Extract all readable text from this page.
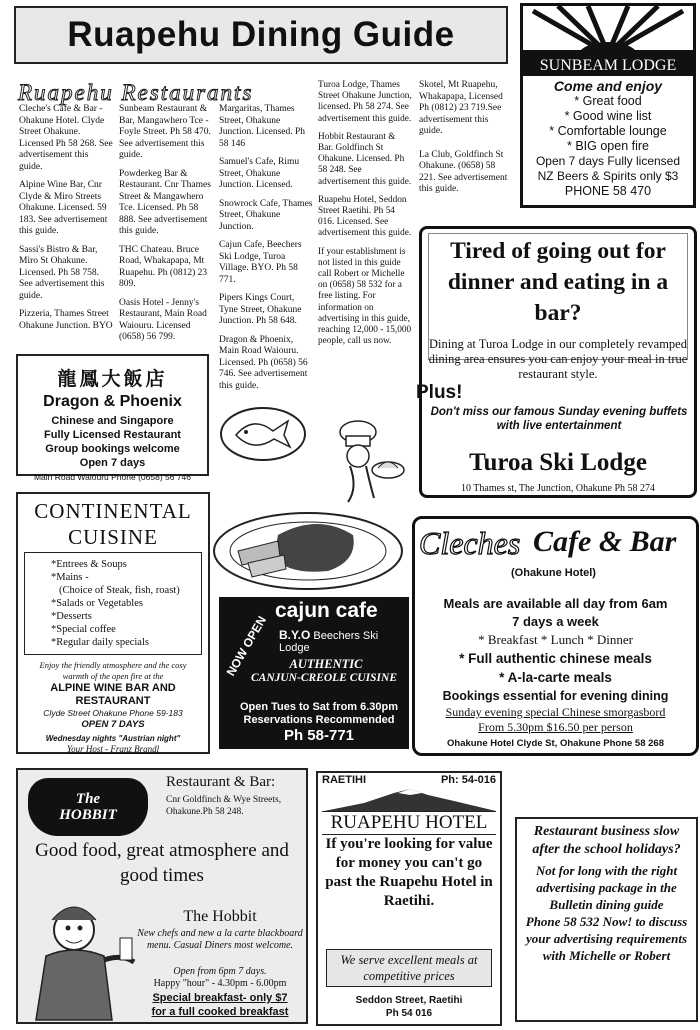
Ruapehu Dining Guide
SUNBEAM LODGE
Come and enjoy
* Great food
* Good wine list
* Comfortable lounge
* BIG open fire
Open 7 days Fully licensed
NZ Beers & Spirits only $3
PHONE 58 470
Ruapehu Restaurants

Cleche's Cafe & Bar - Ohakune Hotel. Clyde Street Ohakune. Licensed Ph 58 268. See advertisement this guide.

Alpine Wine Bar, Cnr Clyde & Miro Streets Ohakune. Licensed. 59 183. See advertisement this guide.

Sassi's Bistro & Bar, Miro St Ohakune. Licensed. Ph 58 758. See advertisement this guide.

Pizzeria, Thames Street Ohakune Junction. BYO

Sunbeam Restaurant & Bar, Mangawhero Tce - Foyle Street. Ph 58 470. See advertisement this guide.

Powderkeg Bar & Restaurant. Cnr Thames Street & Mangawhero Tce. Licensed. Ph 58 888. See advertisement this guide.

THC Chateau. Bruce Road, Whakapapa, Mt Ruapehu. Ph (0812) 23 809.

Oasis Hotel - Jenny's Restaurant, Main Road Waiouru. Licensed (0658) 56 799.

Margaritas, Thames Street, Ohakune Junction. Licensed. Ph 58 146

Samuel's Cafe, Rimu Street, Ohakune Junction. Licensed.

Snowrock Cafe, Thames Street, Ohakune Junction.

Cajun Cafe, Beechers Ski Lodge, Turoa Village. BYO. Ph 58 771.

Pipers Kings Court, Tyne Street, Ohakune Junction. Ph 58 648.

Dragon & Phoenix, Main Road Waiouru. Licensed. Ph (0658) 56 746. See advertisement this guide.

Turoa Lodge, Thames Street Ohakune Junction, licensed. Ph 58 274. See advertisement this guide.

Hobbit Restaurant & Bar. Goldfinch St Ohakune. Licensed. Ph 58 248. See advertisement this guide.

Ruapehu Hotel, Seddon Street Raetihi. Ph 54 016. Licensed. See advertisement this guide.

If your establishment is not listed in this guide call Robert or Michelle on (0658) 58 532 for a free listing. For information on advertising in this guide, reaching 12,000 - 15,000 people, call us now.

Skotel, Mt Ruapehu, Whakapapa, Licensed Ph (0812) 23 719.See advertisement this guide.

La Club, Goldfinch St Ohakune. (0658) 58 221. See advertisement this guide.

龍鳳大飯店
Dragon & Phoenix
Chinese and Singapore
Fully Licensed Restaurant
Group bookings welcome
Open 7 days
Main Road Waiouru Phone (0658) 56 746
Tired of going out for dinner and eating in a bar?
Dining at Turoa Lodge in our completely revamped dining area ensures you can enjoy your meal in true restaurant style.
Plus!
Don't miss our famous Sunday evening buffets with live entertainment
Turoa Ski Lodge
10 Thames st, The Junction, Ohakune Ph 58 274
CONTINENTAL
CUISINE
*Entrees & Soups
*Mains -
(Choice of Steak, fish, roast)
*Salads or Vegetables
*Desserts
*Special coffee
*Regular daily specials
Enjoy the friendly atmosphere and the cosy warmth of the open fire at the
ALPINE WINE BAR AND
RESTAURANT
Clyde Street Ohakune Phone 59-183
OPEN 7 DAYS
Wednesday nights "Austrian night"
Your Host - Franz Brandl
NOW OPEN
cajun cafe
B.Y.O Beechers Ski Lodge
AUTHENTIC
CANJUN-CREOLE CUISINE
Open Tues to Sat from 6.30pm
Reservations Recommended
Ph 58-771
Cleches Cafe & Bar
(Ohakune Hotel)
Meals are available all day from 6am
7 days a week
* Breakfast * Lunch * Dinner
* Full authentic chinese meals
* A-la-carte meals
Bookings essential for evening dining
Sunday evening special Chinese smorgasbord
From 5.30pm $16.50 per person
Ohakune Hotel Clyde St, Ohakune Phone 58 268
The HOBBIT
Restaurant & Bar:
Cnr Goldfinch & Wye Streets, Ohakune.Ph 58 248.
Good food, great atmosphere and good times
The Hobbit
New chefs and new a la carte blackboard menu. Casual Diners most welcome.
Open from 6pm 7 days.
Happy "hour" - 4.30pm - 6.00pm
Special breakfast- only $7
for a full cooked breakfast
RAETIHI	Ph: 54-016
RUAPEHU HOTEL
If you're looking for value for money you can't go past the Ruapehu Hotel in Raetihi.
We serve excellent meals at competitive prices
Seddon Street, Raetihi
Ph 54 016
Restaurant business slow after the school holidays?
Not for long with the right advertising package in the Bulletin dining guide
Phone 58 532 Now! to discuss your advertising requirements with Michelle or Robert
